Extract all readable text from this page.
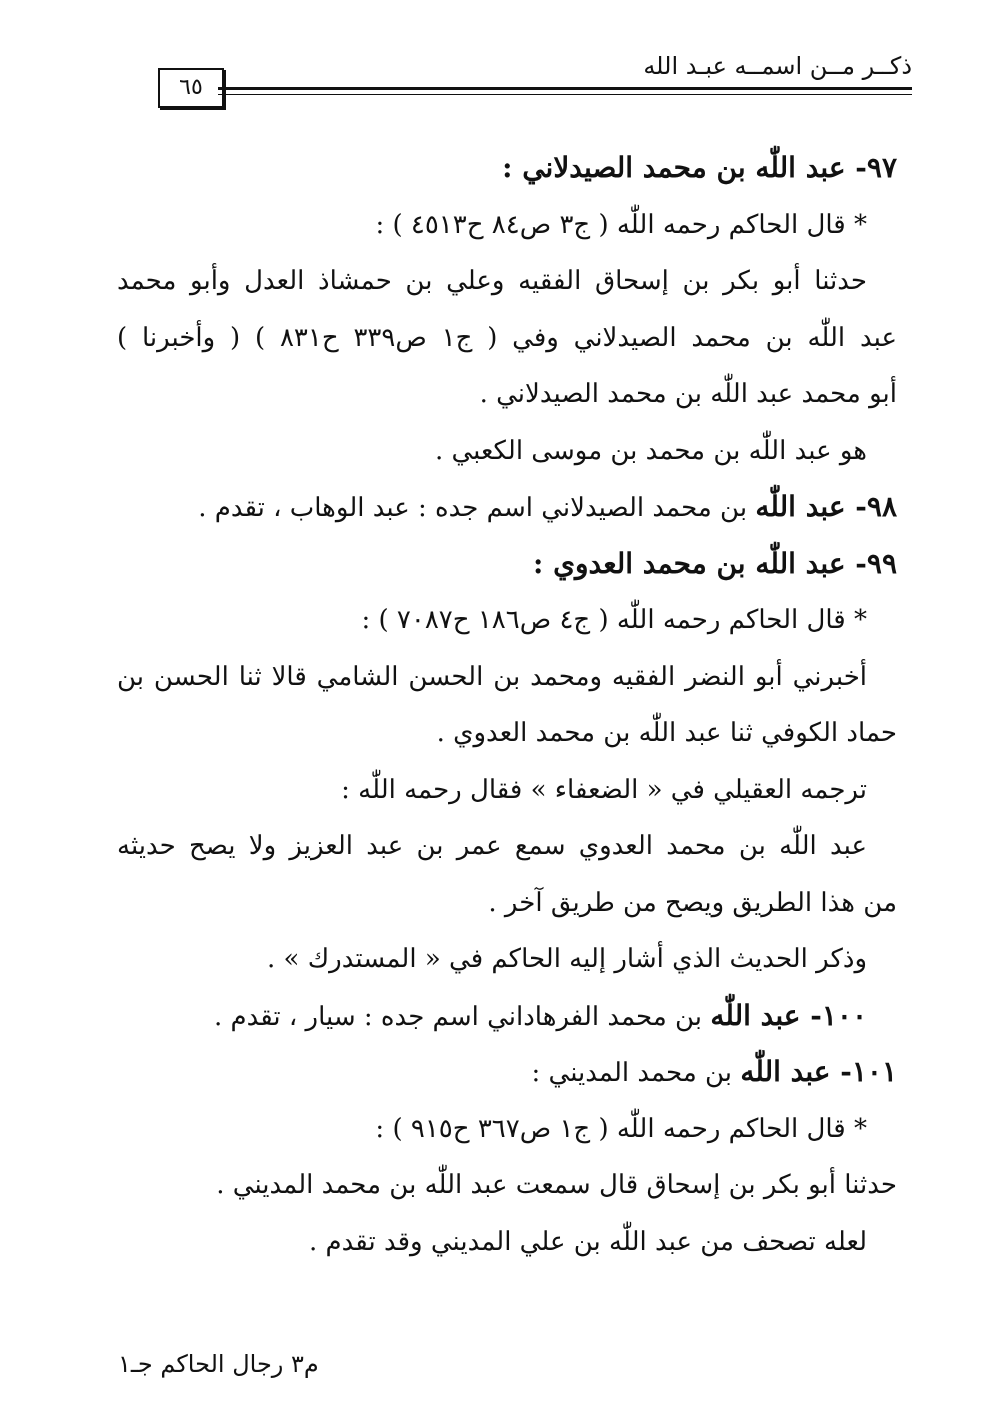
ذكــر مــن اسمــه عبـد الله
٦٥
٩٧- عبد اللّٰه بن محمد الصيدلاني :
* قال الحاكم رحمه اللّٰه ( ج٣ ص٨٤ ح٤٥١٣ ) :
حدثنا أبو بكر بن إسحاق الفقيه وعلي بن حمشاذ العدل وأبو محمد
عبد اللّٰه بن محمد الصيدلاني وفي ( ج١ ص٣٣٩ ح٨٣١ ) ( وأخبرنا )
أبو محمد عبد اللّٰه بن محمد الصيدلاني .
هو عبد اللّٰه بن محمد بن موسى الكعبي .
٩٨- عبد اللّٰه بن محمد الصيدلاني اسم جده : عبد الوهاب ، تقدم .
٩٩- عبد اللّٰه بن محمد العدوي :
* قال الحاكم رحمه اللّٰه ( ج٤ ص١٨٦ ح٧٠٨٧ ) :
أخبرني أبو النضر الفقيه ومحمد بن الحسن الشامي قالا ثنا الحسن بن
حماد الكوفي ثنا عبد اللّٰه بن محمد العدوي .
ترجمه العقيلي في « الضعفاء » فقال رحمه اللّٰه :
عبد اللّٰه بن محمد العدوي سمع عمر بن عبد العزيز ولا يصح حديثه
من هذا الطريق ويصح من طريق آخر .
وذكر الحديث الذي أشار إليه الحاكم في « المستدرك » .
١٠٠- عبد اللّٰه بن محمد الفرهاداني اسم جده : سيار ، تقدم .
١٠١- عبد اللّٰه بن محمد المديني :
* قال الحاكم رحمه اللّٰه ( ج١ ص٣٦٧ ح٩١٥ ) :
حدثنا أبو بكر بن إسحاق قال سمعت عبد اللّٰه بن محمد المديني .
لعله تصحف من عبد اللّٰه بن علي المديني وقد تقدم .
م٣ رجال الحاكم جـ١
